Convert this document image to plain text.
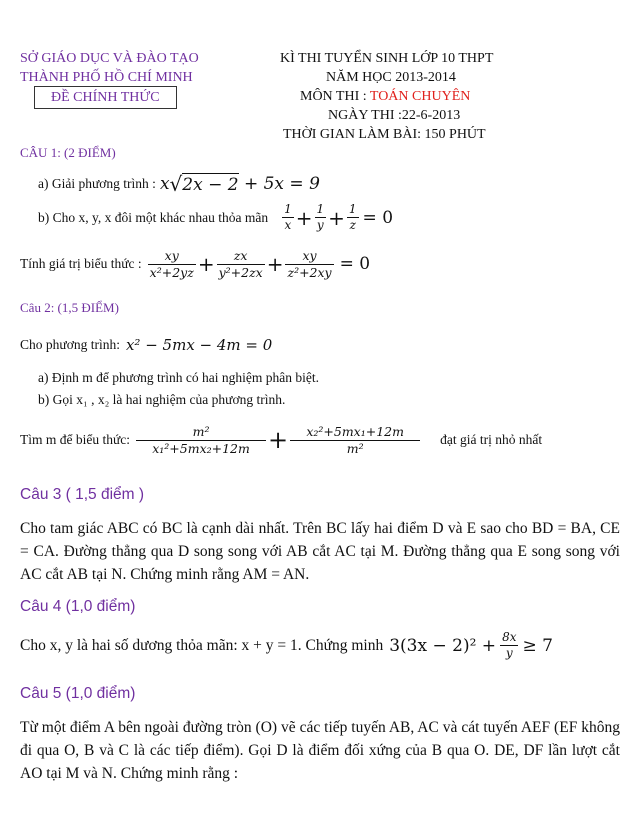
SỞ GIÁO DỤC VÀ ĐÀO TẠO
THÀNH PHỐ HỒ CHÍ MINH
ĐỀ CHÍNH THỨC
KÌ THI TUYỂN SINH LỚP 10 THPT
NĂM HỌC 2013-2014
MÔN THI : TOÁN CHUYÊN
NGÀY THI :22-6-2013
THỜI GIAN LÀM BÀI: 150 PHÚT
CÂU 1: (2 ĐIỂM)
a) Giải phương trình : x √ 2x − 2 + 5x = 9
b) Cho x, y, x đôi một khác nhau thỏa mãn $\frac{1}{x} + \frac{1}{y} + \frac{1}{z} = 0$
Tính giá trị biểu thức : $\frac{xy}{\text{x²+2yz}} + \frac{zx}{\text{y²+2zx}} + \frac{xy}{\text{z²+2xy}} = 0$
Câu 2: (1,5 ĐIỂM)
Cho phương trình: x² − 5mx − 4m = 0
a) Định m để phương trình có hai nghiệm phân biệt.
b) Gọi x₁ , x₂ là hai nghiệm của phương trình.
Tìm m để biểu thức: $\frac{\text{m²}}{\text{x₁²+5mx₂+12m}} + \frac{\text{x₂²+5mx₁+12m}}{\text{m²}}$ đạt giá trị nhỏ nhất
Câu 3 ( 1,5 điểm )
Cho tam giác ABC có BC là cạnh dài nhất. Trên BC lấy hai điểm D và E sao cho BD = BA, CE = CA. Đường thẳng qua D song song với AB cắt AC tại M. Đường thẳng qua E song song với AC cắt AB tại N. Chứng minh rằng AM = AN.
Câu 4 (1,0 điểm)
Cho x, y là hai số dương thỏa mãn: x + y = 1. Chứng minh $3(3x - 2)^2 + \frac{8x}{y} \ge 7$
Câu 5 (1,0 điểm)
Từ một điểm A bên ngoài đường tròn (O) vẽ các tiếp tuyến AB, AC và cát tuyến AEF (EF không đi qua O, B và C là các tiếp điểm). Gọi D là điểm đối xứng của B qua O. DE, DF lần lượt cắt AO tại M và N. Chứng minh rằng :
